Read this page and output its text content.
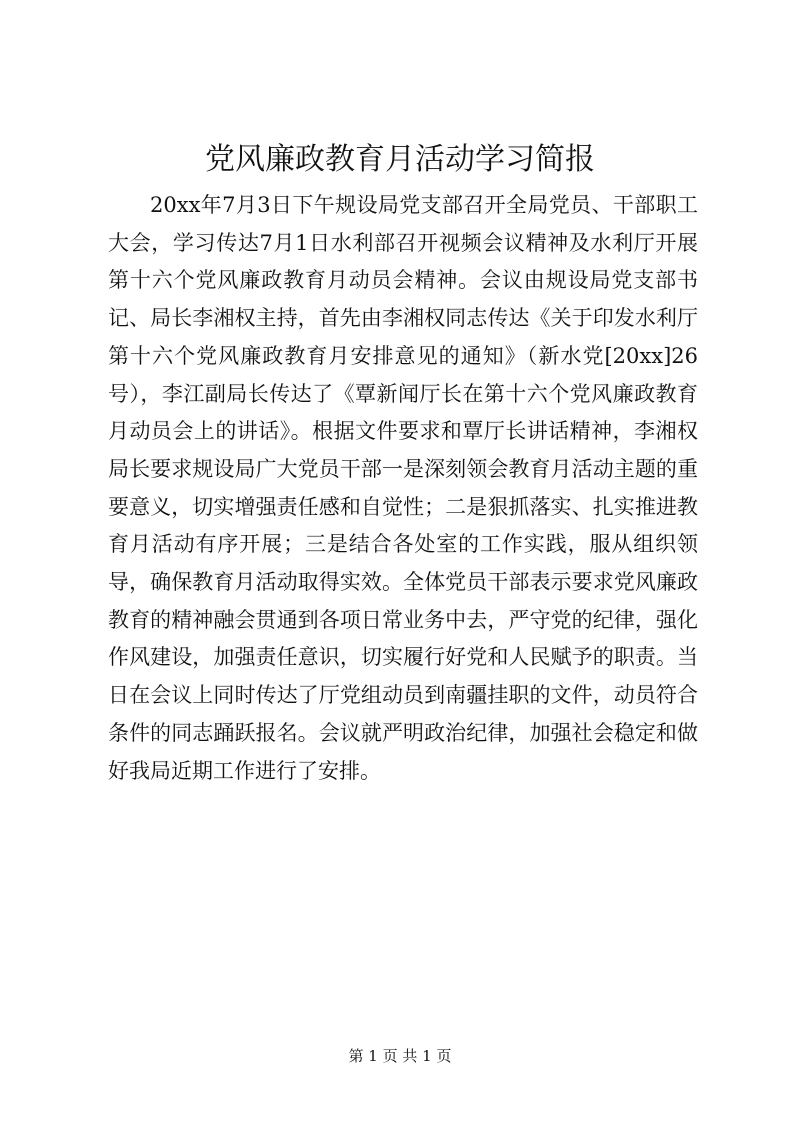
党风廉政教育月活动学习简报

20xx年7月3日下午规设局党支部召开全局党员、干部职工大会，学习传达7月1日水利部召开视频会议精神及水利厅开展第十六个党风廉政教育月动员会精神。会议由规设局党支部书记、局长李湘权主持，首先由李湘权同志传达《关于印发水利厅第十六个党风廉政教育月安排意见的通知》（新水党[20xx]26号），李江副局长传达了《覃新闻厅长在第十六个党风廉政教育月动员会上的讲话》。根据文件要求和覃厅长讲话精神，李湘权局长要求规设局广大党员干部一是深刻领会教育月活动主题的重要意义，切实增强责任感和自觉性；二是狠抓落实、扎实推进教育月活动有序开展；三是结合各处室的工作实践，服从组织领导，确保教育月活动取得实效。全体党员干部表示要求党风廉政教育的精神融会贯通到各项日常业务中去，严守党的纪律，强化作风建设，加强责任意识，切实履行好党和人民赋予的职责。当日在会议上同时传达了厅党组动员到南疆挂职的文件，动员符合条件的同志踊跃报名。会议就严明政治纪律，加强社会稳定和做好我局近期工作进行了安排。

第 1 页 共 1 页
